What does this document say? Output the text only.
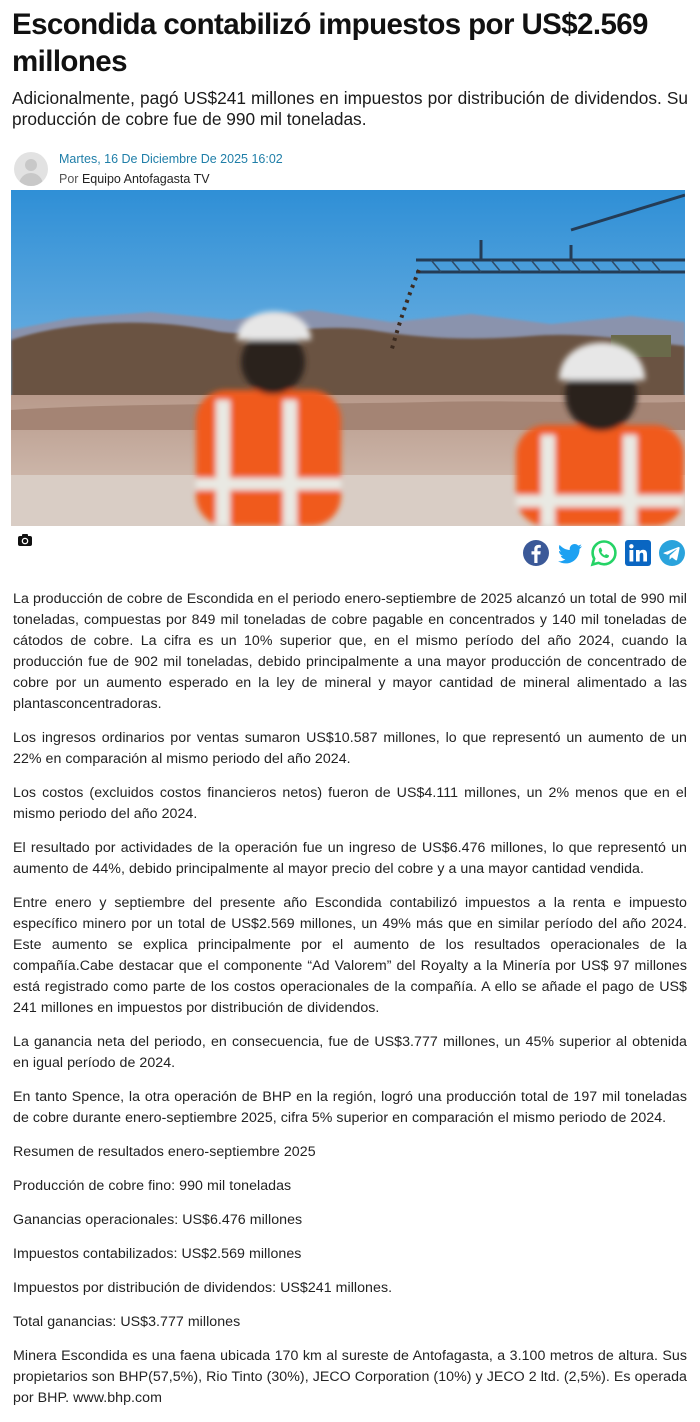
Escondida contabilizó impuestos por US$2.569 millones

Adicionalmente, pagó US$241 millones en impuestos por distribución de dividendos. Su producción de cobre fue de 990 mil toneladas.

Martes, 16 De Diciembre De 2025 16:02
Por Equipo Antofagasta TV

La producción de cobre de Escondida en el periodo enero-septiembre de 2025 alcanzó un total de 990 mil toneladas, compuestas por 849 mil toneladas de cobre pagable en concentrados y 140 mil toneladas de cátodos de cobre. La cifra es un 10% superior que, en el mismo período del año 2024, cuando la producción fue de 902 mil toneladas, debido principalmente a una mayor producción de concentrado de cobre por un aumento esperado en la ley de mineral y mayor cantidad de mineral alimentado a las plantasconcentradoras.

Los ingresos ordinarios por ventas sumaron US$10.587 millones, lo que representó un aumento de un 22% en comparación al mismo periodo del año 2024.

Los costos (excluidos costos financieros netos) fueron de US$4.111 millones, un 2% menos que en el mismo periodo del año 2024.

El resultado por actividades de la operación fue un ingreso de US$6.476 millones, lo que representó un aumento de 44%, debido principalmente al mayor precio del cobre y a una mayor cantidad vendida.

Entre enero y septiembre del presente año Escondida contabilizó impuestos a la renta e impuesto específico minero por un total de US$2.569 millones, un 49% más que en similar período del año 2024. Este aumento se explica principalmente por el aumento de los resultados operacionales de la compañía.Cabe destacar que el componente “Ad Valorem” del Royalty a la Minería por US$ 97 millones está registrado como parte de los costos operacionales de la compañía. A ello se añade el pago de US$ 241 millones en impuestos por distribución de dividendos.

La ganancia neta del periodo, en consecuencia, fue de US$3.777 millones, un 45% superior al obtenida en igual período de 2024.

En tanto Spence, la otra operación de BHP en la región, logró una producción total de 197 mil toneladas de cobre durante enero-septiembre 2025, cifra 5% superior en comparación el mismo periodo de 2024.

Resumen de resultados enero-septiembre 2025

Producción de cobre fino: 990 mil toneladas

Ganancias operacionales: US$6.476 millones

Impuestos contabilizados: US$2.569 millones

Impuestos por distribución de dividendos: US$241 millones.

Total ganancias: US$3.777 millones

Minera Escondida es una faena ubicada 170 km al sureste de Antofagasta, a 3.100 metros de altura. Sus propietarios son BHP(57,5%), Rio Tinto (30%), JECO Corporation (10%) y JECO 2 ltd. (2,5%). Es operada por BHP. www.bhp.com
